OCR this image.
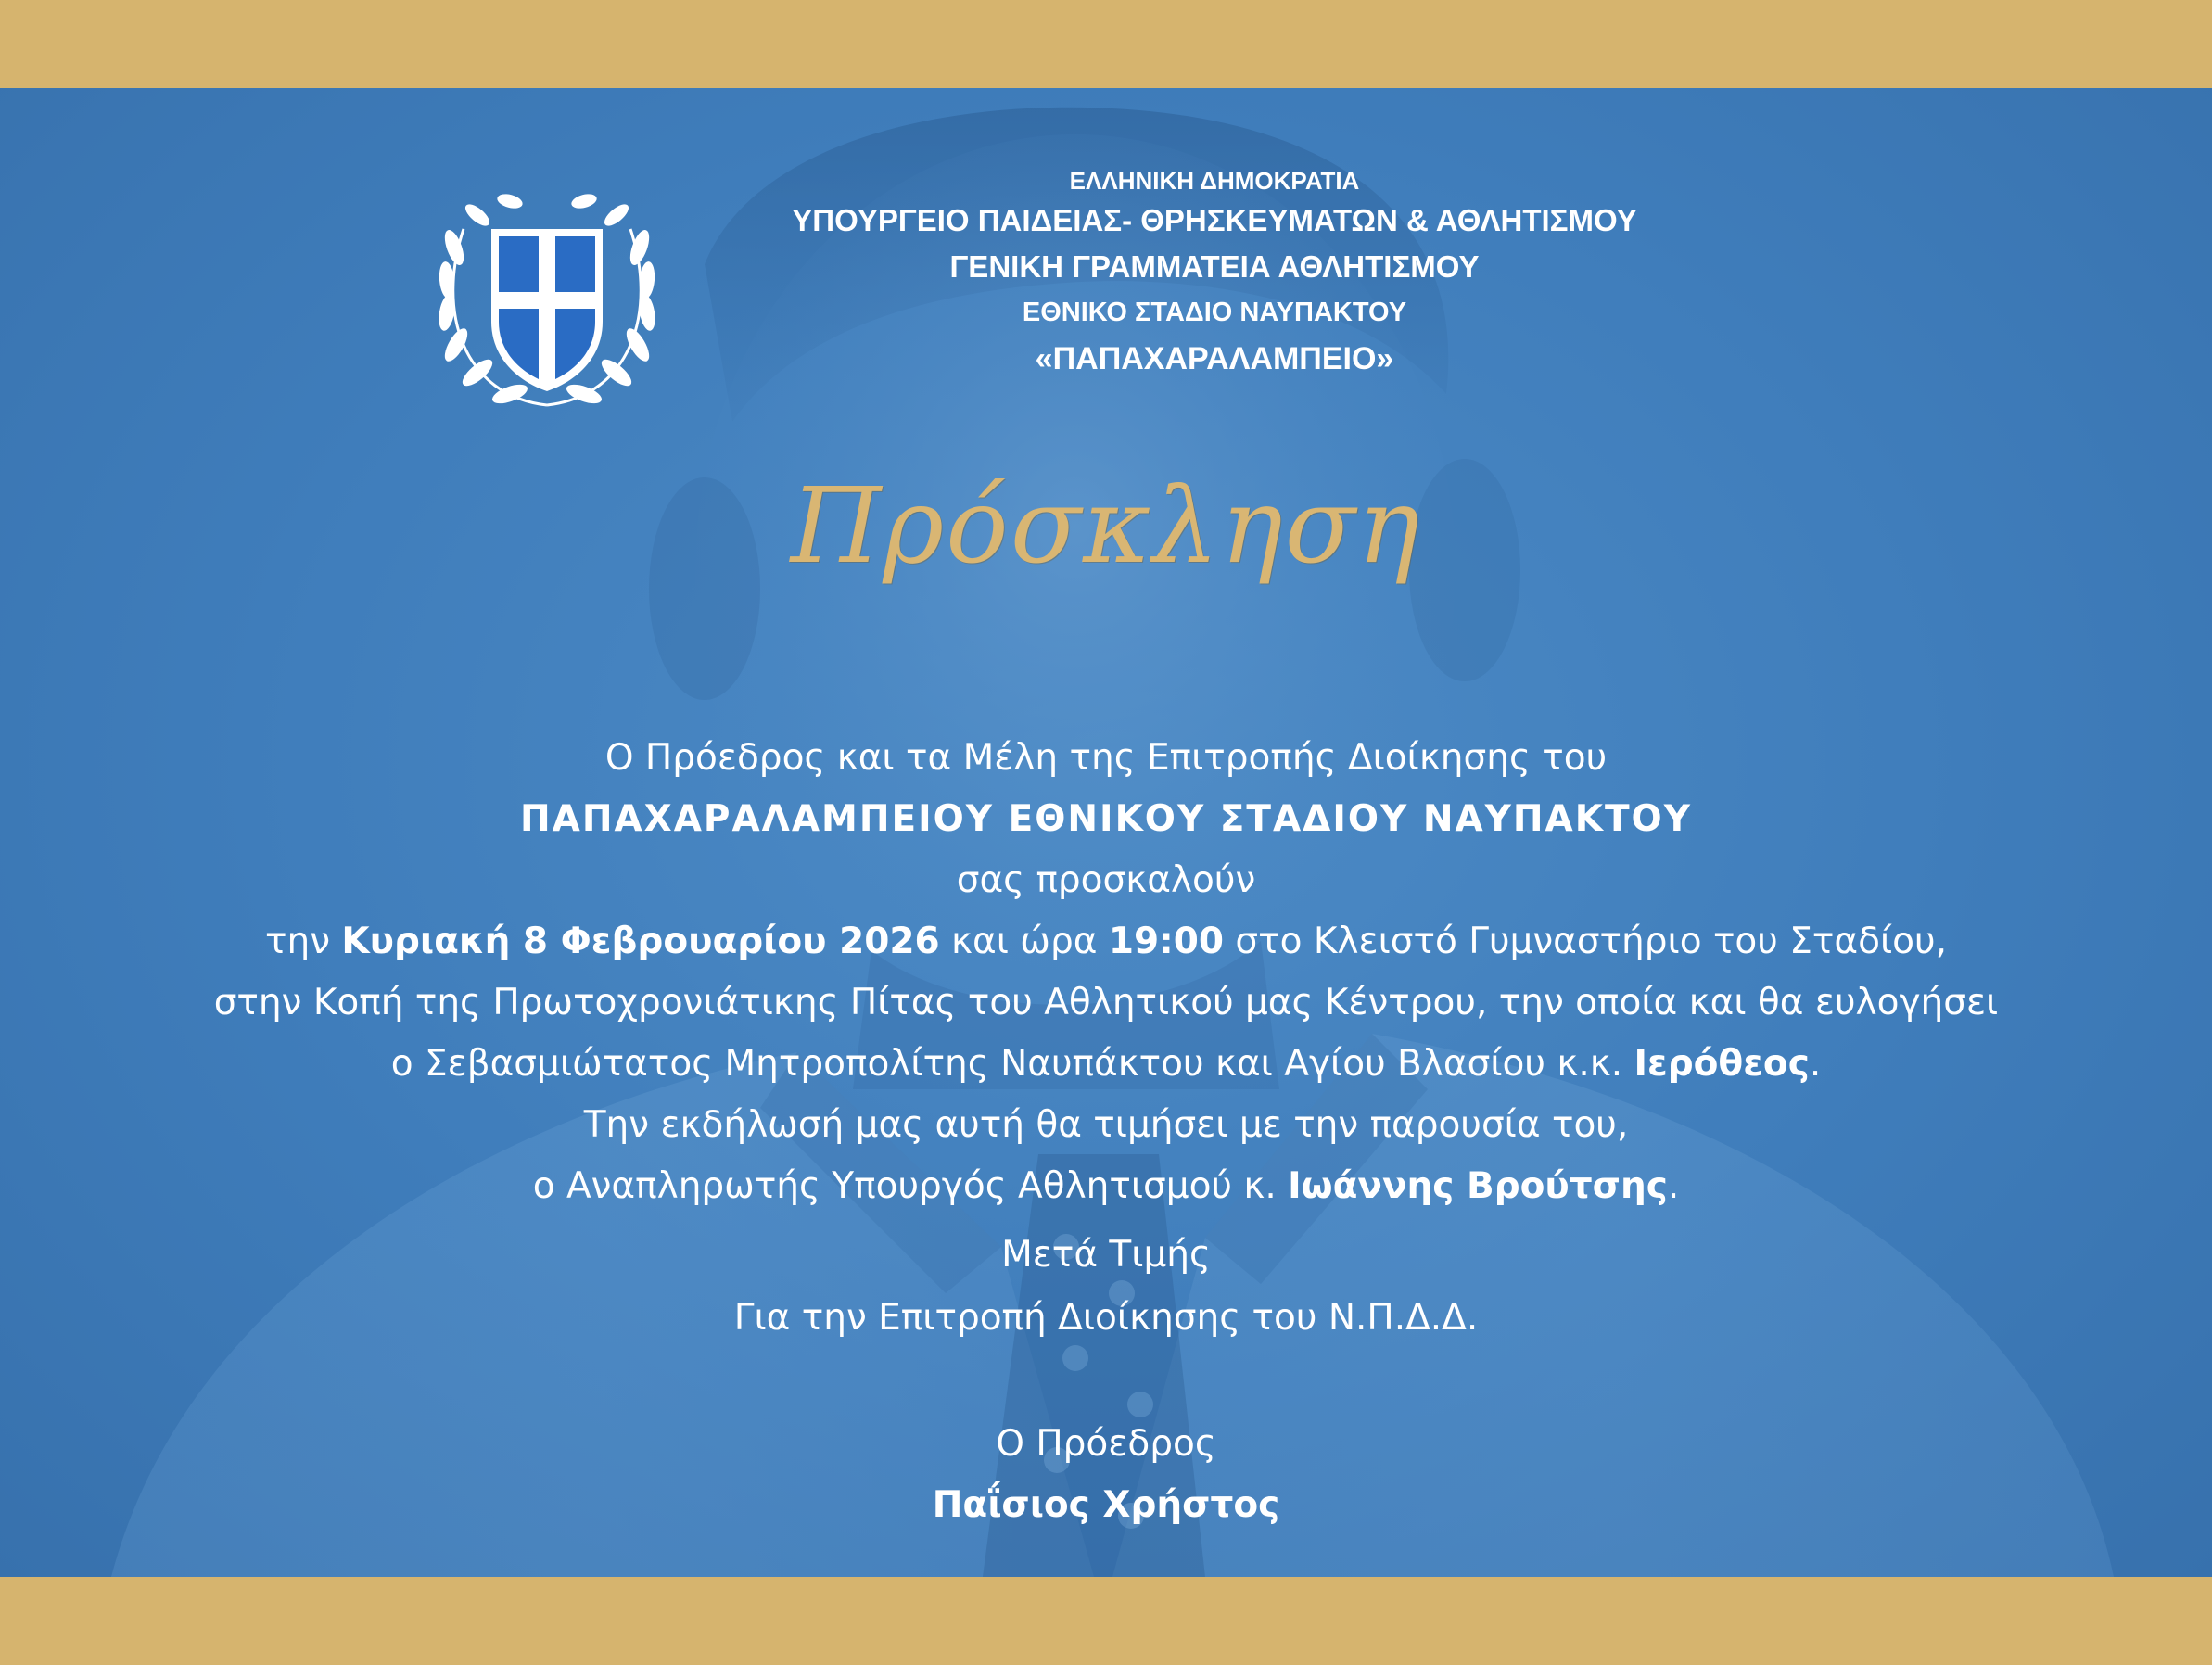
ΕΛΛΗΝΙΚΗ ΔΗΜΟΚΡΑΤΙΑ
ΥΠΟΥΡΓΕΙΟ ΠΑΙΔΕΙΑΣ- ΘΡΗΣΚΕΥΜΑΤΩΝ & ΑΘΛΗΤΙΣΜΟΥ
ΓΕΝΙΚΗ ΓΡΑΜΜΑΤΕΙΑ ΑΘΛΗΤΙΣΜΟΥ
ΕΘΝΙΚΟ ΣΤΑΔΙΟ ΝΑΥΠΑΚΤΟΥ
«ΠΑΠΑΧΑΡΑΛΑΜΠΕΙΟ»
Πρόσκληση
Ο Πρόεδρος και τα Μέλη της Επιτροπής Διοίκησης του
ΠΑΠΑΧΑΡΑΛΑΜΠΕΙΟΥ ΕΘΝΙΚΟΥ ΣΤΑΔΙΟΥ ΝΑΥΠΑΚΤΟΥ
σας προσκαλούν
την Κυριακή 8 Φεβρουαρίου 2026 και ώρα 19:00 στο Κλειστό Γυμναστήριο του Σταδίου,
στην Κοπή της Πρωτοχρονιάτικης Πίτας του Αθλητικού μας Κέντρου, την οποία και θα ευλογήσει
ο Σεβασμιώτατος Μητροπολίτης Ναυπάκτου και Αγίου Βλασίου κ.κ. Ιερόθεος.
Την εκδήλωσή μας αυτή θα τιμήσει με την παρουσία του,
ο Αναπληρωτής Υπουργός Αθλητισμού κ. Ιωάννης Βρούτσης.
Μετά Τιμής
Για την Επιτροπή Διοίκησης του Ν.Π.Δ.Δ.
Ο Πρόεδρος
Παΐσιος Χρήστος
